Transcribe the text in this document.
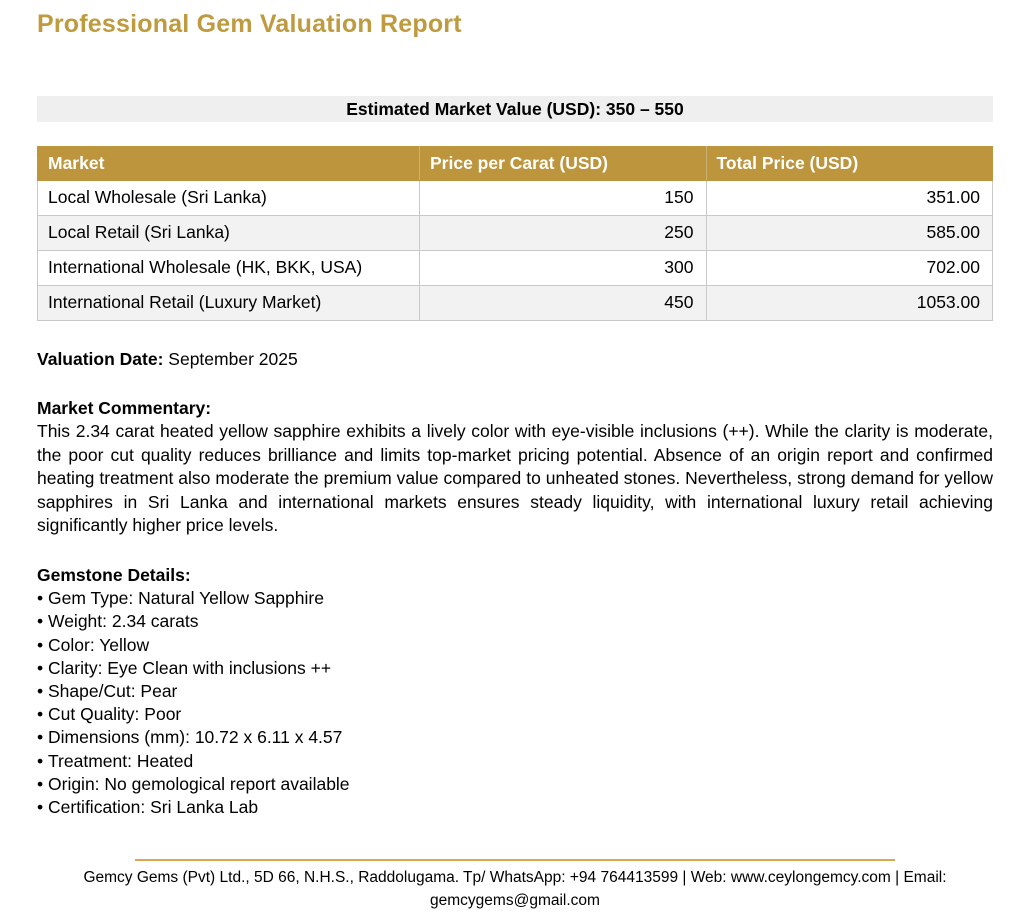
Professional Gem Valuation Report
Estimated Market Value (USD): 350 – 550
Market	Price per Carat (USD)	Total Price (USD)
Local Wholesale (Sri Lanka)	150	351.00
Local Retail (Sri Lanka)	250	585.00
International Wholesale (HK, BKK, USA)	300	702.00
International Retail (Luxury Market)	450	1053.00

Valuation Date: September 2025

Market Commentary:

This 2.34 carat heated yellow sapphire exhibits a lively color with eye-visible inclusions (++). While the clarity is moderate, the poor cut quality reduces brilliance and limits top-market pricing potential. Absence of an origin report and confirmed heating treatment also moderate the premium value compared to unheated stones. Nevertheless, strong demand for yellow sapphires in Sri Lanka and international markets ensures steady liquidity, with international luxury retail achieving significantly higher price levels.

Gemstone Details:

• Gem Type: Natural Yellow Sapphire
• Weight: 2.34 carats
• Color: Yellow
• Clarity: Eye Clean with inclusions ++
• Shape/Cut: Pear
• Cut Quality: Poor
• Dimensions (mm): 10.72 x 6.11 x 4.57
• Treatment: Heated
• Origin: No gemological report available
• Certification: Sri Lanka Lab

Gemcy Gems (Pvt) Ltd., 5D 66, N.H.S., Raddolugama. Tp/ WhatsApp: +94 764413599 | Web: www.ceylongemcy.com | Email:

gemcygems@gmail.com
